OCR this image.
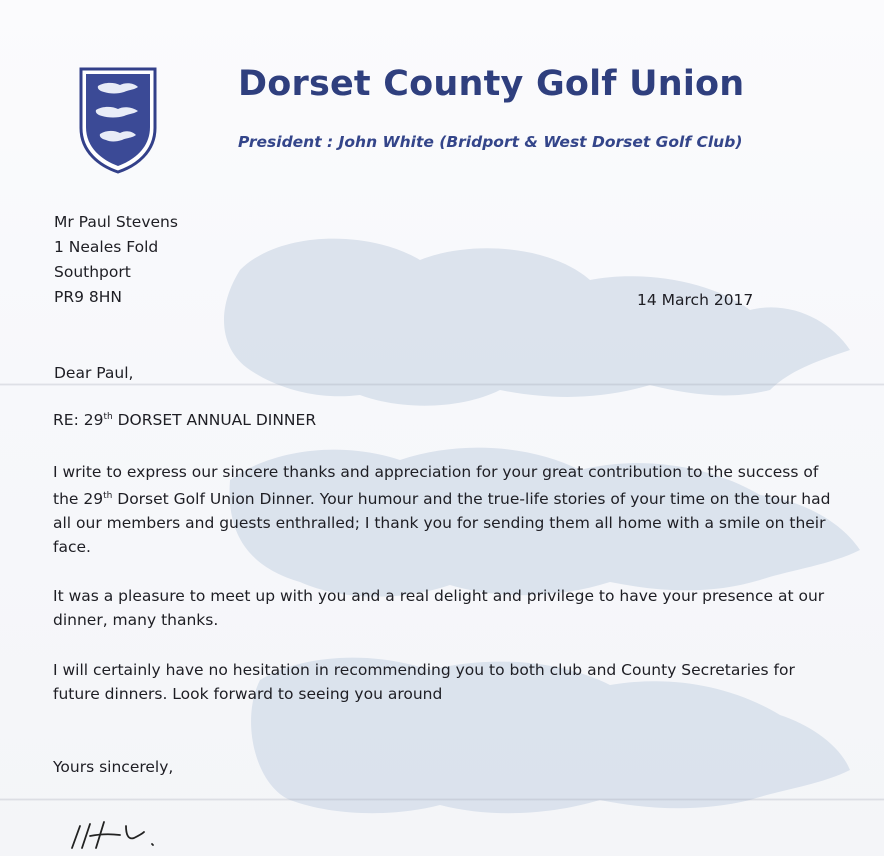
Dorset County Golf Union
President : John White (Bridport & West Dorset Golf Club)
Mr Paul Stevens
1 Neales Fold
Southport
PR9 8HN	14 March 2017
Dear Paul,
RE: 29th DORSET ANNUAL DINNER
I write to express our sincere thanks and appreciation for your great contribution to the success of the 29th Dorset Golf Union Dinner. Your humour and the true-life stories of your time on the tour had all our members and guests enthralled; I thank you for sending them all home with a smile on their face.
It was a pleasure to meet up with you and a real delight and privilege to have your presence at our dinner, many thanks.
I will certainly have no hesitation in recommending you to both club and County Secretaries for future dinners. Look forward to seeing you around
Yours sincerely,
